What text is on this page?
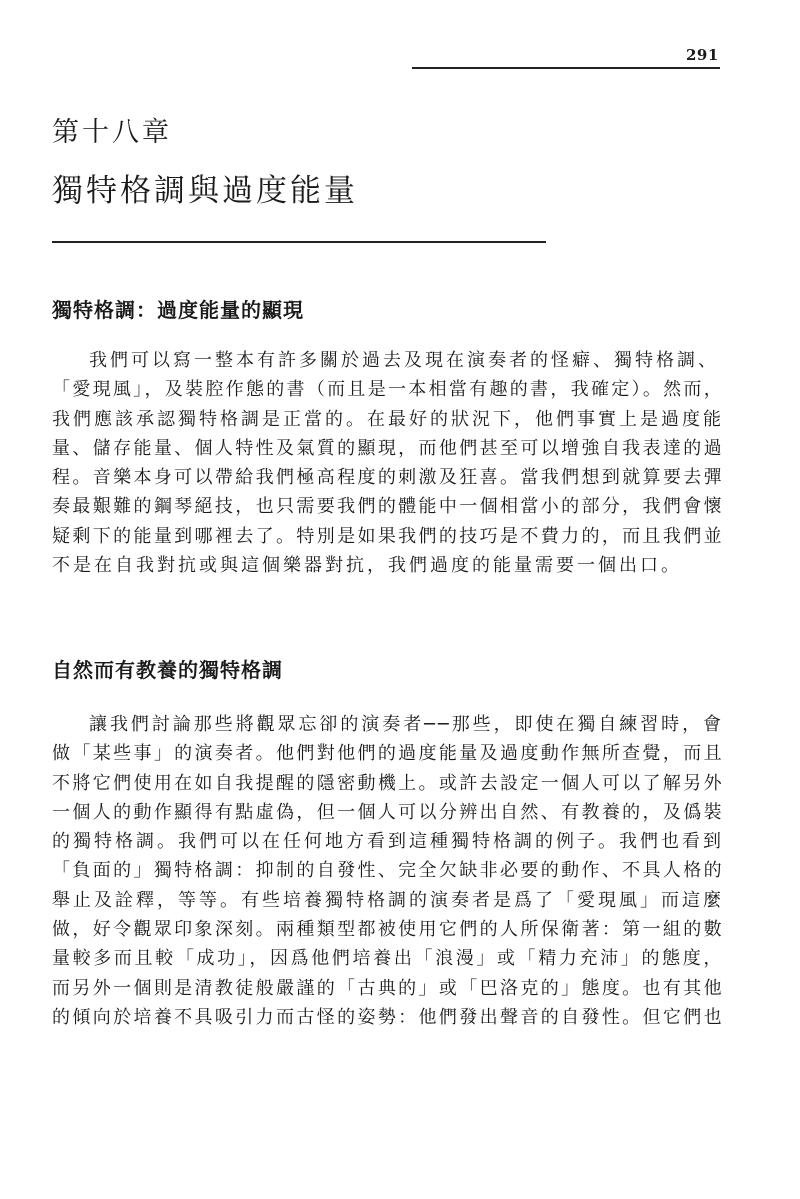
291
第十八章
獨特格調與過度能量
獨特格調：過度能量的顯現
我們可以寫一整本有許多關於過去及現在演奏者的怪癖、獨特格調、
「愛現風」，及裝腔作態的書（而且是一本相當有趣的書，我確定）。然而，
我們應該承認獨特格調是正當的。在最好的狀況下，他們事實上是過度能
量、儲存能量、個人特性及氣質的顯現，而他們甚至可以增強自我表達的過
程。音樂本身可以帶給我們極高程度的刺激及狂喜。當我們想到就算要去彈
奏最艱難的鋼琴絕技，也只需要我們的體能中一個相當小的部分，我們會懷
疑剩下的能量到哪裡去了。特別是如果我們的技巧是不費力的，而且我們並
不是在自我對抗或與這個樂器對抗，我們過度的能量需要一個出口。
自然而有教養的獨特格調
讓我們討論那些將觀眾忘卻的演奏者──那些，即使在獨自練習時，會
做「某些事」的演奏者。他們對他們的過度能量及過度動作無所查覺，而且
不將它們使用在如自我提醒的隱密動機上。或許去設定一個人可以了解另外
一個人的動作顯得有點虛偽，但一個人可以分辨出自然、有教養的，及僞裝
的獨特格調。我們可以在任何地方看到這種獨特格調的例子。我們也看到
「負面的」獨特格調：抑制的自發性、完全欠缺非必要的動作、不具人格的
舉止及詮釋，等等。有些培養獨特格調的演奏者是爲了「愛現風」而這麼
做，好令觀眾印象深刻。兩種類型都被使用它們的人所保衛著：第一組的數
量較多而且較「成功」，因爲他們培養出「浪漫」或「精力充沛」的態度，
而另外一個則是清教徒般嚴謹的「古典的」或「巴洛克的」態度。也有其他
的傾向於培養不具吸引力而古怪的姿勢：他們發出聲音的自發性。但它們也
